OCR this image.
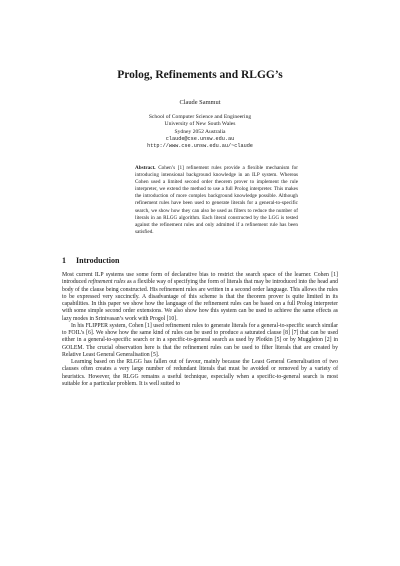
Prolog, Refinements and RLGG’s
Claude Sammut
School of Computer Science and Engineering
University of New South Wales
Sydney 2052 Australia
claude@cse.unsw.edu.au
http://www.cse.unsw.edu.au/~claude
Abstract. Cohen’s [1] refinement rules provide a flexible mechanism for introducing intensional background knowledge in an ILP system. Whereas Cohen used a limited second order theorem prover to implement the rule interpreter, we extend the method to use a full Prolog interpreter. This makes the introduction of more complex background knowledge possible. Although refinement rules have been used to generate literals for a general-to-specific search, we show how they can also be used as filters to reduce the number of literals in an RLGG algorithm. Each literal constructed by the LGG is tested against the refinement rules and only admitted if a refinement rule has been satisfied.
1 Introduction

Most current ILP systems use some form of declarative bias to restrict the search space of the learner. Cohen [1] introduced refinement rules as a flexible way of specifying the form of literals that may be introduced into the head and body of the clause being constructed. His refinement rules are written in a second order language. This allows the rules to be expressed very succinctly. A disadvantage of this scheme is that the theorem prover is quite limited in its capabilities. In this paper we show how the language of the refinement rules can be based on a full Prolog interpreter with some simple second order extensions. We also show how this system can be used to achieve the same effects as lazy modes in Srinivasan’s work with Progol [10].

In his FLIPPER system, Cohen [1] used refinement rules to generate literals for a general-to-specific search similar to FOIL’s [6]. We show how the same kind of rules can be used to produce a saturated clause [8] [7] that can be used either in a general-to-specific search or in a specific-to-general search as used by Plotkin [5] or by Muggleton [2] in GOLEM. The crucial observation here is that the refinement rules can be used to filter literals that are created by Relative Least General Generalisation [5].

Learning based on the RLGG has fallen out of favour, mainly because the Least General Generalisation of two clauses often creates a very large number of redundant literals that must be avoided or removed by a variety of heuristics. However, the RLGG remains a useful technique, especially when a specific-to-general search is most suitable for a particular problem. It is well suited to
